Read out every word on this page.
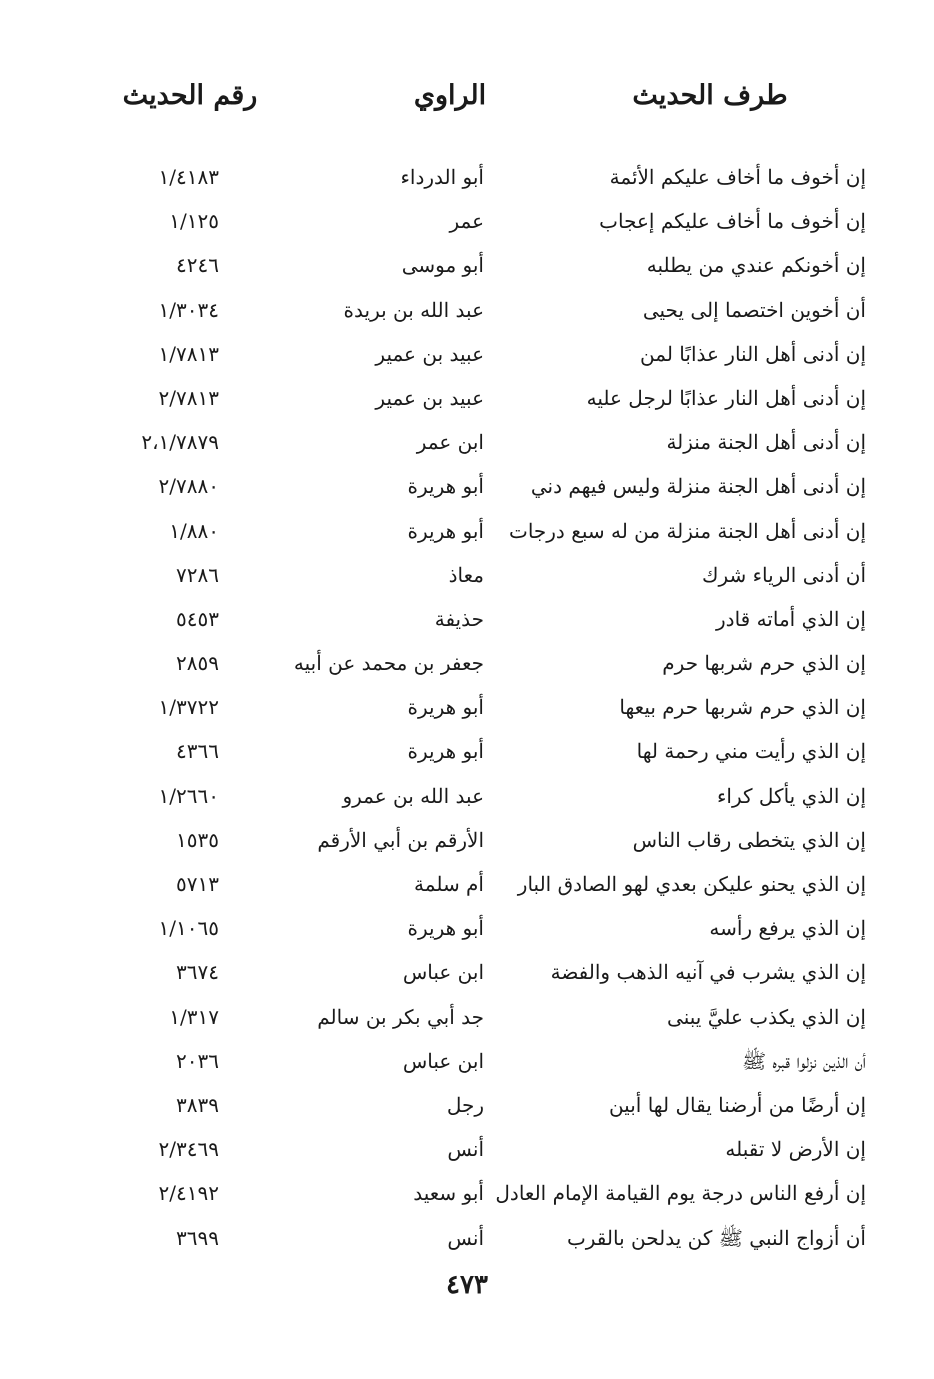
طرف الحديث
الراوي
رقم الحديث
إن أخوف ما أخاف عليكم الأئمة
أبو الدرداء
١/٤١٨٣
إن أخوف ما أخاف عليكم إعجاب
عمر
١/١٢٥
إن أخونكم عندي من يطلبه
أبو موسى
٤٢٤٦
أن أخوين اختصما إلى يحيى
عبد الله بن بريدة
١/٣٠٣٤
إن أدنى أهل النار عذابًا لمن
عبيد بن عمير
١/٧٨١٣
إن أدنى أهل النار عذابًا لرجل عليه
عبيد بن عمير
٢/٧٨١٣
إن أدنى أهل الجنة منزلة
ابن عمر
٢،١/٧٨٧٩
إن أدنى أهل الجنة منزلة وليس فيهم دني
أبو هريرة
٢/٧٨٨٠
إن أدنى أهل الجنة منزلة من له سبع درجات
أبو هريرة
١/٨٨٠
أن أدنى الرياء شرك
معاذ
٧٢٨٦
إن الذي أماته قادر
حذيفة
٥٤٥٣
إن الذي حرم شربها حرم
جعفر بن محمد عن أبيه
٢٨٥٩
إن الذي حرم شربها حرم بيعها
أبو هريرة
١/٣٧٢٢
إن الذي رأيت مني رحمة لها
أبو هريرة
٤٣٦٦
إن الذي يأكل كراء
عبد الله بن عمرو
١/٢٦٦٠
إن الذي يتخطى رقاب الناس
الأرقم بن أبي الأرقم
١٥٣٥
إن الذي يحنو عليكن بعدي لهو الصادق البار
أم سلمة
٥٧١٣
إن الذي يرفع رأسه
أبو هريرة
١/١٠٦٥
إن الذي يشرب في آنيه الذهب والفضة
ابن عباس
٣٦٧٤
إن الذي يكذب عليَّ يبنى
جد أبي بكر بن سالم
١/٣١٧
أن الذين نزلوا قبره ﷺ
ابن عباس
٢٠٣٦
إن أرضًا من أرضنا يقال لها أبين
رجل
٣٨٣٩
إن الأرض لا تقبله
أنس
٢/٣٤٦٩
إن أرفع الناس درجة يوم القيامة الإمام العادل
أبو سعيد
٢/٤١٩٢
أن أزواج النبي ﷺ كن يدلحن بالقرب
أنس
٣٦٩٩
٤٧٣
